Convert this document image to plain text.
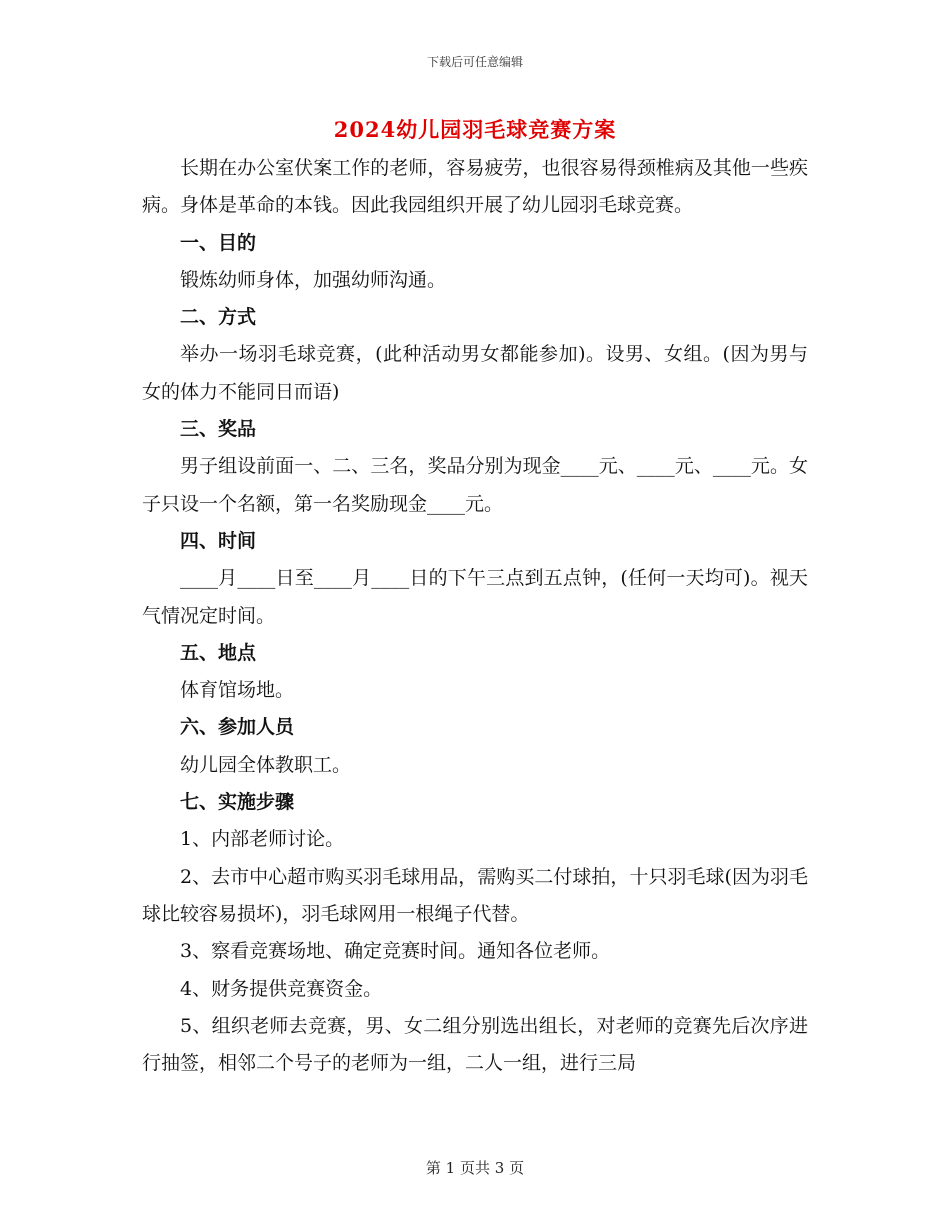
下载后可任意编辑
2024幼儿园羽毛球竞赛方案

长期在办公室伏案工作的老师，容易疲劳，也很容易得颈椎病及其他一些疾病。身体是革命的本钱。因此我园组织开展了幼儿园羽毛球竞赛。

一、目的

锻炼幼师身体，加强幼师沟通。

二、方式

举办一场羽毛球竞赛，(此种活动男女都能参加)。设男、女组。(因为男与女的体力不能同日而语)

三、奖品

男子组设前面一、二、三名，奖品分别为现金____元、____元、____元。女子只设一个名额，第一名奖励现金____元。

四、时间

____月____日至____月____日的下午三点到五点钟，(任何一天均可)。视天气情况定时间。

五、地点

体育馆场地。

六、参加人员

幼儿园全体教职工。

七、实施步骤

1、内部老师讨论。

2、去市中心超市购买羽毛球用品，需购买二付球拍，十只羽毛球(因为羽毛球比较容易损坏)，羽毛球网用一根绳子代替。

3、察看竞赛场地、确定竞赛时间。通知各位老师。

4、财务提供竞赛资金。

5、组织老师去竞赛，男、女二组分别选出组长，对老师的竞赛先后次序进行抽签，相邻二个号子的老师为一组，二人一组，进行三局

第 1 页共 3 页
